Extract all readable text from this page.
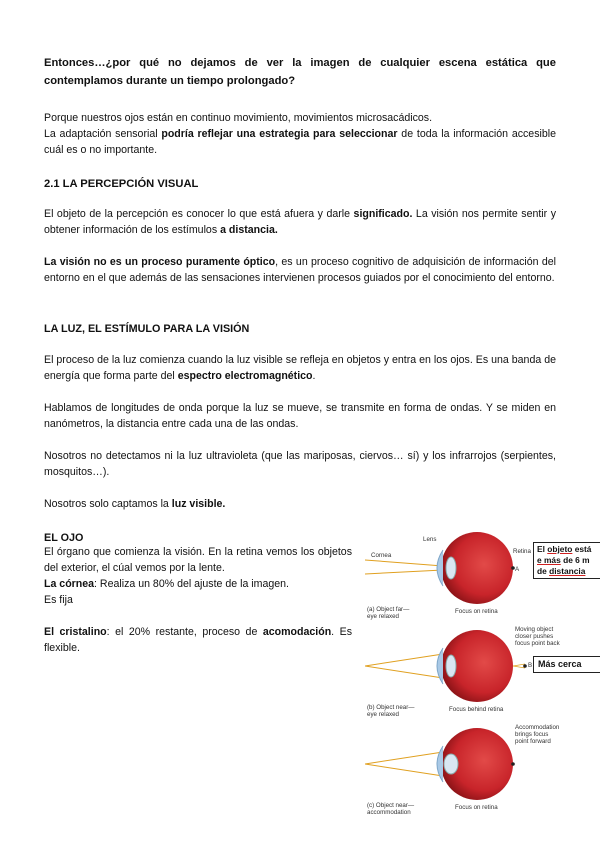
Entonces…¿por qué no dejamos de ver la imagen de cualquier escena estática que contemplamos durante un tiempo prolongado?

Porque nuestros ojos están en continuo movimiento, movimientos microsacádicos.
La adaptación sensorial podría reflejar una estrategia para seleccionar de toda la información accesible cuál es o no importante.

2.1 LA PERCEPCIÓN VISUAL

El objeto de la percepción es conocer lo que está afuera y darle significado. La visión nos permite sentir y obtener información de los estímulos a distancia.

La visión no es un proceso puramente óptico, es un proceso cognitivo de adquisición de información del entorno en el que además de las sensaciones intervienen procesos guiados por el conocimiento del entorno.

LA LUZ, EL ESTÍMULO PARA LA VISIÓN

El proceso de la luz comienza cuando la luz visible se refleja en objetos y entra en los ojos. Es una banda de energía que forma parte del espectro electromagnético.

Hablamos de longitudes de onda porque la luz se mueve, se transmite en forma de ondas. Y se miden en nanómetros, la distancia entre cada una de las ondas.

Nosotros no detectamos ni la luz ultravioleta (que las mariposas, ciervos… sí) y los infrarrojos (serpientes, mosquitos…).

Nosotros solo captamos la luz visible.

EL OJO

El órgano que comienza la visión. En la retina vemos los objetos del exterior, el cúal vemos por la lente.
La córnea: Realiza un 80% del ajuste de la imagen.
Es fija

El cristalino: el 20% restante, proceso de acomodación. Es flexible.

Lens
Cornea
Retina
A
Focus on retina
(a) Object far—
eye relaxed
Moving object
closer pushes
focus point back
B
Focus behind retina
(b) Object near—
eye relaxed
Accommodation
brings focus
point forward
Focus on retina
(c) Object near—
accommodation
El objeto está e más de 6 m de distancia
Más cerca
